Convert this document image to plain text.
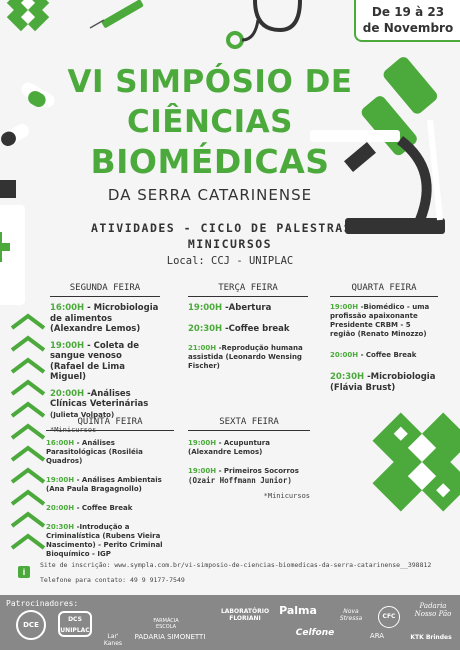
De 19 à 23
de Novembro
VI SIMPÓSIO DE
CIÊNCIAS
BIOMÉDICAS
DA SERRA CATARINENSE
ATIVIDADES - CICLO DE PALESTRAS -
MINICURSOS
Local: CCJ - UNIPLAC
SEGUNDA FEIRA
16:00H - Microbiologia de alimentos
(Alexandre Lemos)
19:00H - Coleta de sangue venoso
(Rafael de Lima Miguel)
20:00H -Análises Clínicas Veterinárias
(Julieta Volpato)
*Minicursos
TERÇA FEIRA
19:00H -Abertura
20:30H -Coffee break
21:00H -Reprodução humana assistida (Leonardo Wensing Fischer)
QUARTA FEIRA
19:00H -Biomédico - uma profissão apaixonante Presidente CRBM - 5 região (Renato Minozzo)
20:00H - Coffee Break
20:30H -Microbiologia (Flávia Brust)
QUINTA FEIRA
16:00H - Análises Parasitológicas (Rosiléia Quadros)
19:00H - Análises Ambientais (Ana Paula Bragagnollo)
20:00H - Coffee Break
20:30H -Introdução a Criminalística (Rubens Vieira Nascimento) - Perito Criminal Bioquímico - IGP
SEXTA FEIRA
19:00H - Acupuntura (Alexandre Lemos)
19:00H - Primeiros Socorros
(Ozair Hoffmann Junior)
*Minicursos
i
Site de inscrição: www.sympla.com.br/vi-simposio-de-ciencias-biomedicas-da-serra-catarinense__398812
Telefone para contato: 49 9 9177-7549
Patrocinadores:
DCE
DCS UNIPLAC
Lar' Kanes
FARMÁCIA ESCOLA
PADARIA SIMONETTI
LABORATÓRIO FLORIANI
Celfone
Palma	Nova Stressa	CFC
ARA
Padaria Nosso Pão
KTK Brindes
